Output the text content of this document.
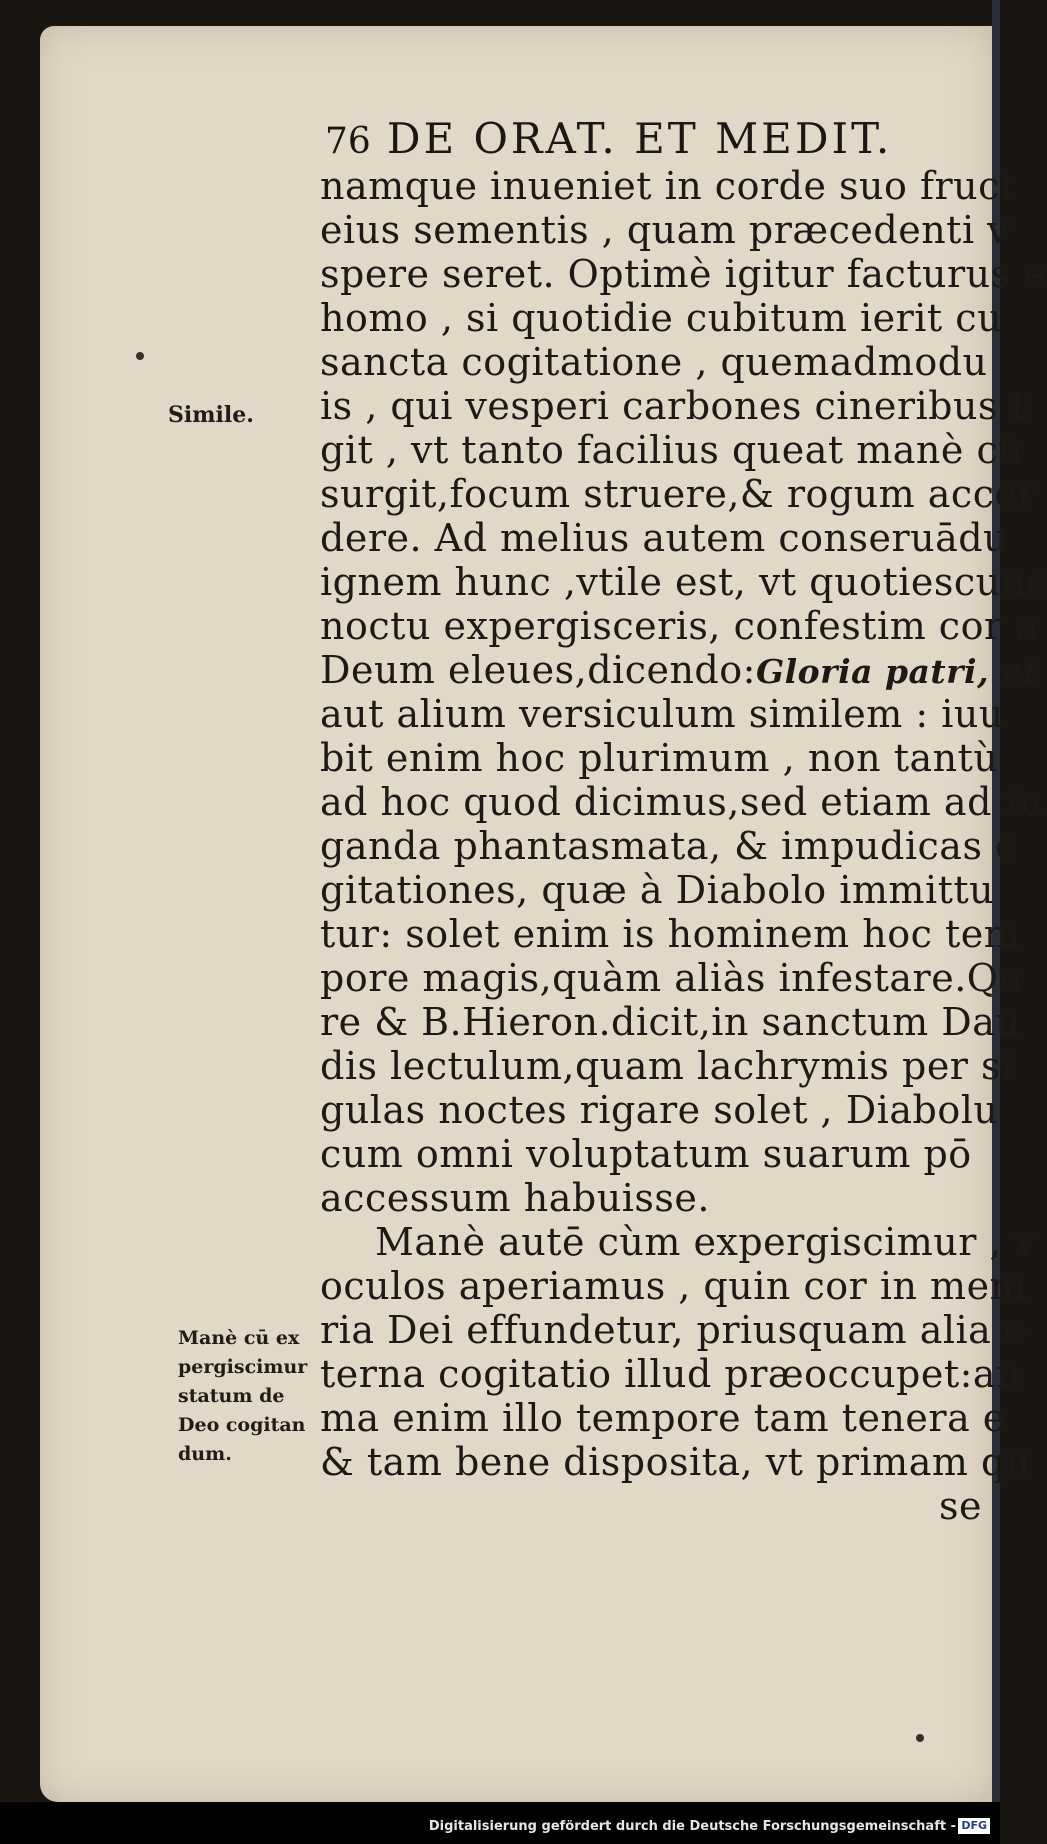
76 DE ORAT. ET MEDIT.
Simile.
Manè cū ex
pergiscimur
statum de
Deo cogitan
dum.
namque inueniet in corde suo fruct
eius sementis , quam præcedenti v
spere seret. Optimè igitur facturus e
homo , si quotidie cubitum ierit cu
sancta cogitatione , quemadmodu
is , qui vesperi carbones cineribus t
git , vt tanto facilius queat manè cù
surgit,focum struere,& rogum accer
dere. Ad melius autem conseruādu
ignem hunc ,vtile est, vt quotiescunc
noctu expergisceris, confestim cor a
Deum eleues,dicendo:Gloria patri, et
aut alium versiculum similem : iuu
bit enim hoc plurimum , non tantù
ad hoc quod dicimus,sed etiam ad fu
ganda phantasmata, & impudicas c
gitationes, quæ à Diabolo immittu
tur: solet enim is hominem hoc tem
pore magis,quàm aliàs infestare.Qu
re & B.Hieron.dicit,in sanctum Dau
dis lectulum,quam lachrymis per si
gulas noctes rigare solet , Diabolu
cum omni voluptatum suarum pō
accessum habuisse.
Manè autē cùm expergiscimur , v
oculos aperiamus , quin cor in mem
ria Dei effundetur, priusquam alia e
terna cogitatio illud præoccupet:an
ma enim illo tempore tam tenera e
& tam bene disposita, vt primam qu
se
Digitalisierung gefördert durch die Deutsche Forschungsgemeinschaft - DFG
